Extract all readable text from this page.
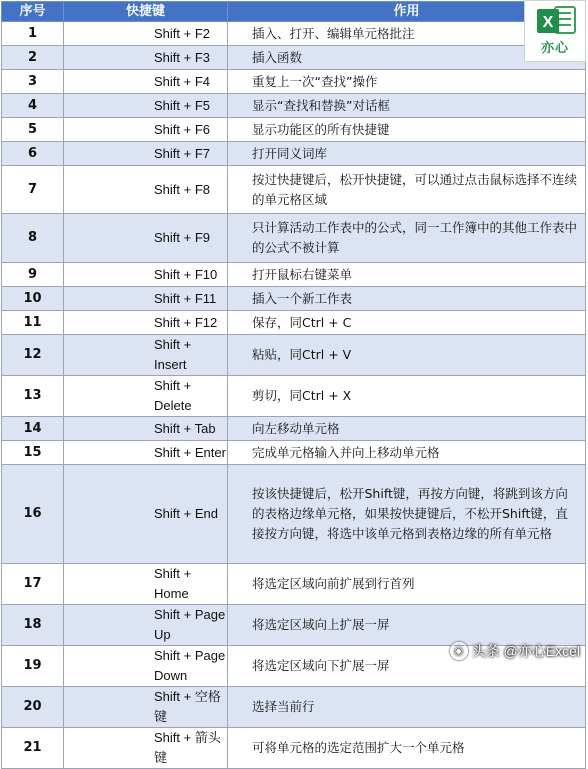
序号	快捷键	作用
1	Shift + F2	插入、打开、编辑单元格批注
2	Shift + F3	插入函数
3	Shift + F4	重复上一次“查找”操作
4	Shift + F5	显示“查找和替换”对话框
5	Shift + F6	显示功能区的所有快捷键
6	Shift + F7	打开同义词库
7	Shift + F8	按过快捷键后，松开快捷键，可以通过点击鼠标选择不连续的单元格区域
8	Shift + F9	只计算活动工作表中的公式，同一工作簿中的其他工作表中的公式不被计算
9	Shift + F10	打开鼠标右键菜单
10	Shift + F11	插入一个新工作表
11	Shift + F12	保存，同Ctrl + C
12	Shift + Insert	粘贴，同Ctrl + V
13	Shift + Delete	剪切，同Ctrl + X
14	Shift + Tab	向左移动单元格
15	Shift + Enter	完成单元格输入并向上移动单元格
16	Shift + End	按该快捷键后，松开Shift键，再按方向键，将跳到该方向的表格边缘单元格，如果按快捷键后，不松开Shift键，直接按方向键，将选中该单元格到表格边缘的所有单元格
17	Shift + Home	将选定区域向前扩展到行首列
18	Shift + Page Up	将选定区域向上扩展一屏
19	Shift + Page Down	将选定区域向下扩展一屏
20	Shift + 空格键	选择当前行
21	Shift + 箭头键	可将单元格的选定范围扩大一个单元格
X
亦心
◉ 头条 @亦心Excel
